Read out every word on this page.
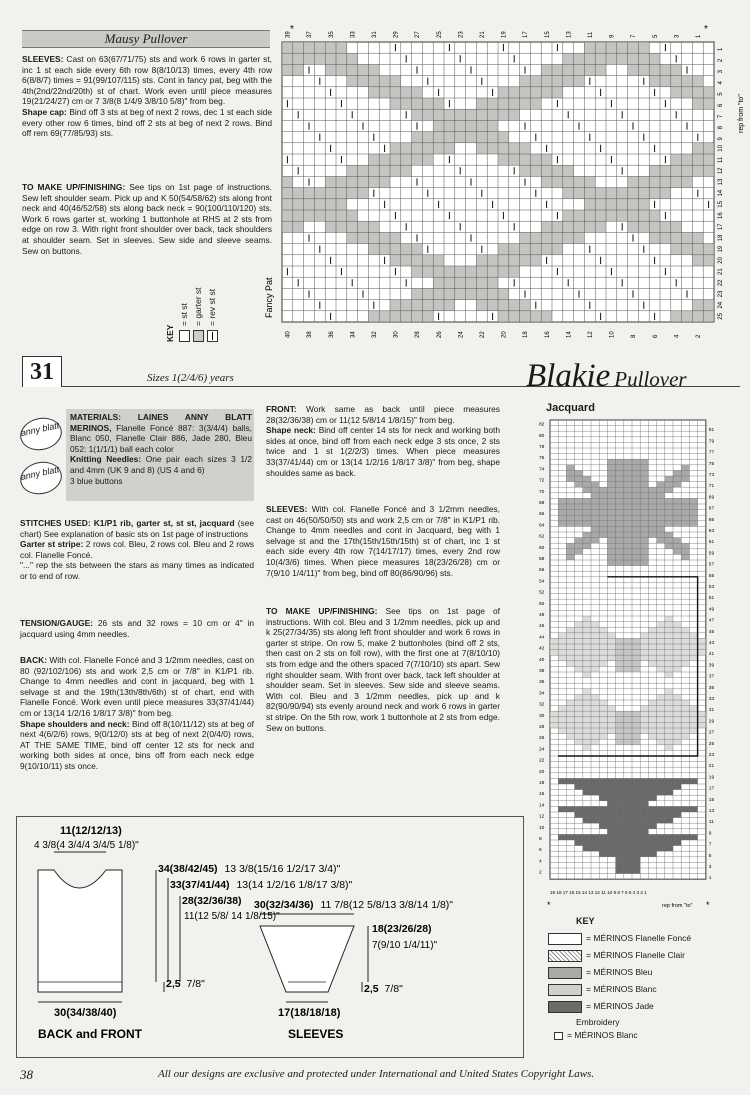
Mausy Pullover
SLEEVES: Cast on 63(67/71/75) sts and work 6 rows in garter st, inc 1 st each side every 6th row 8(8/10/13) times, every 4th row 6(8/8/7) times = 91(99/107/115) sts. Cont in fancy pat, beg with the 4th(2nd/22nd/20th) st of chart. Work even until piece measures 19(21/24/27) cm or 7 3/8(8 1/4/9 3/8/10 5/8)" from beg.
Shape cap: Bind off 3 sts at beg of next 2 rows, dec 1 st each side every other row 6 times, bind off 2 sts at beg of next 2 rows. Bind off rem 69(77/85/93) sts.
TO MAKE UP/FINISHING: See tips on 1st page of instructions. Sew left shoulder seam. Pick up and K 50(54/58/62) sts along front neck and 40(46/52/58) sts along back neck = 90(100/110/120) sts. Work 6 rows garter st, working 1 buttonhole at RHS at 2 sts from edge on row 3. With right front shoulder over back, tack shoulders at shoulder seam. Set in sleeves. Sew side and sleeve seams. Sew on buttons.
KEY
= st st = garter st = rev st st
39	37	35	33	31	29	27	25	23	21	19	17	15	13	11	9	7	5	3	1
40	38	36	34	32	30	28	26	24	22	20	18	16	14	12	10	8	6	4	2
1
2
3
4
5
6
7
8
9
10
11
12
13
14
15
16
17
18
19
20
21
22
23
24
25
Fancy Pat
rep from "to"
*	*
31	Sizes 1(2/4/6) years	Blakie Pullover
anny blatt
anny blatt
MATERIALS: LAINES ANNY BLATT MERINOS, Flanelle Foncé 887: 3(3/4/4) balls, Blanc 050, Flanelle Clair 886, Jade 280, Bleu 052: 1(1/1/1) ball each color
Knitting Needles: One pair each sizes 3 1/2 and 4mm (UK 9 and 8) (US 4 and 6)
3 blue buttons
STITCHES USED: K1/P1 rib, garter st, st st, jacquard (see chart) See explanation of basic sts on 1st page of instructions
Garter st stripe: 2 rows col. Bleu, 2 rows col. Bleu and 2 rows col. Flanelle Foncé.
"..." rep the sts between the stars as many times as indicated or to end of row.
TENSION/GAUGE: 26 sts and 32 rows = 10 cm or 4" in jacquard using 4mm needles.
BACK: With col. Flanelle Foncé and 3 1/2mm needles, cast on 80 (92/102/106) sts and work 2,5 cm or 7/8" in K1/P1 rib. Change to 4mm needles and cont in jacquard, beg with 1 selvage st and the 19th(13th/8th/6th) st of chart, end with Flanelle Foncé. Work even until piece measures 33(37/41/44) cm or 13(14 1/2/16 1/8/17 3/8)" from beg.
Shape shoulders and neck: Bind off 8(10/11/12) sts at beg of next 4(6/2/6) rows, 9(0/12/0) sts at beg of next 2(0/4/0) rows, AT THE SAME TIME, bind off center 12 sts for neck and working both sides at once, bins off from each neck edge 9(10/10/11) sts once.
FRONT: Work same as back until piece measures 28(32/36/38) cm or 11(12 5/8/14 1/8/15)" from beg.
Shape neck: Bind off center 14 sts for neck and working both sides at once, bind off from each neck edge 3 sts once, 2 sts twice and 1 st 1(2/2/3) times. When piece measures 33(37/41/44) cm or 13(14 1/2/16 1/8/17 3/8)" from beg, shape shouldes same as back.
SLEEVES: With col. Flanelle Foncé and 3 1/2mm needles, cast on 46(50/50/50) sts and work 2,5 cm or 7/8" in K1/P1 rib. Change to 4mm needles and cont in Jacquard, beg with 1 selvage st and the 17th(15th/15th/15th) st of chart, inc 1 st each side every 4th row 7(14/17/17) times, every 2nd row 10(4/3/6) times. When piece measures 18(23/26/28) cm or 7(9/10 1/4/11)" from beg, bind off 80(86/90/96) sts.
TO MAKE UP/FINISHING: See tips on 1st page of instructions. With col. Bleu and 3 1/2mm needles, pick up and k 25(27/34/35) sts along left front shoulder and work 6 rows in garter st stripe. On row 5, make 2 buttonholes (bind off 2 sts, then cast on 2 sts on foll row), with the first one at 7(8/10/10) sts from edge and the others spaced 7(7/10/10) sts apart. Sew right shoulder seam. With front over back, tack left shoulder at shoulder seam. Set in sleeves. Sew side and sleeve seams. With col. Bleu and 3 1/2mm needles, pick up and k 82(90/90/94) sts evenly around neck and work 6 rows in garter st stripe. On the 5th row, work 1 buttonhole at 2 sts from edge. Sew on buttons.
Jacquard
82
80
78
76
74
72
70
68
66
64
62
60
58
56
54
52
50
48
46
44
42
40
38
36
34
32
30
28
26
24
22
20
18
16
14
12
10
8
6
4
2
81
79
77
75
73
71
69
67
65
63
61
59
57
55
53
51
49
47
45
43
41
39
37
35
33
31
29
27
25
23
21
19
17
15
13
11
9
7
5
3
1
19 18 17 16 15 14 13 12 11 10 9 8 7 6 5 4 3 2 1
rep from "to"
*	*
KEY
= MÉRINOS Flanelle Foncé
= MÉRINOS Flanelle Clair
= MÉRINOS Bleu
= MÉRINOS Blanc
= MÉRINOS Jade
Embroidery
= MÉRINOS Blanc
11(12/12/13)
4 3/8(4 3/4/4 3/4/5 1/8)"
34(38/42/45) 13 3/8(15/16 1/2/17 3/4)"
33(37/41/44) 13(14 1/2/16 1/8/17 3/8)"
28(32/36/38)
11(12 5/8/ 14 1/8/15)"
2,5 7/8"
30(34/38/40)
BACK and FRONT
30(32/34/36) 11 7/8(12 5/8/13 3/8/14 1/8)"
18(23/26/28)
7(9/10 1/4/11)"
2,5 7/8"
17(18/18/18)
SLEEVES
38	All our designs are exclusive and protected under International and United States Copyright Laws.
